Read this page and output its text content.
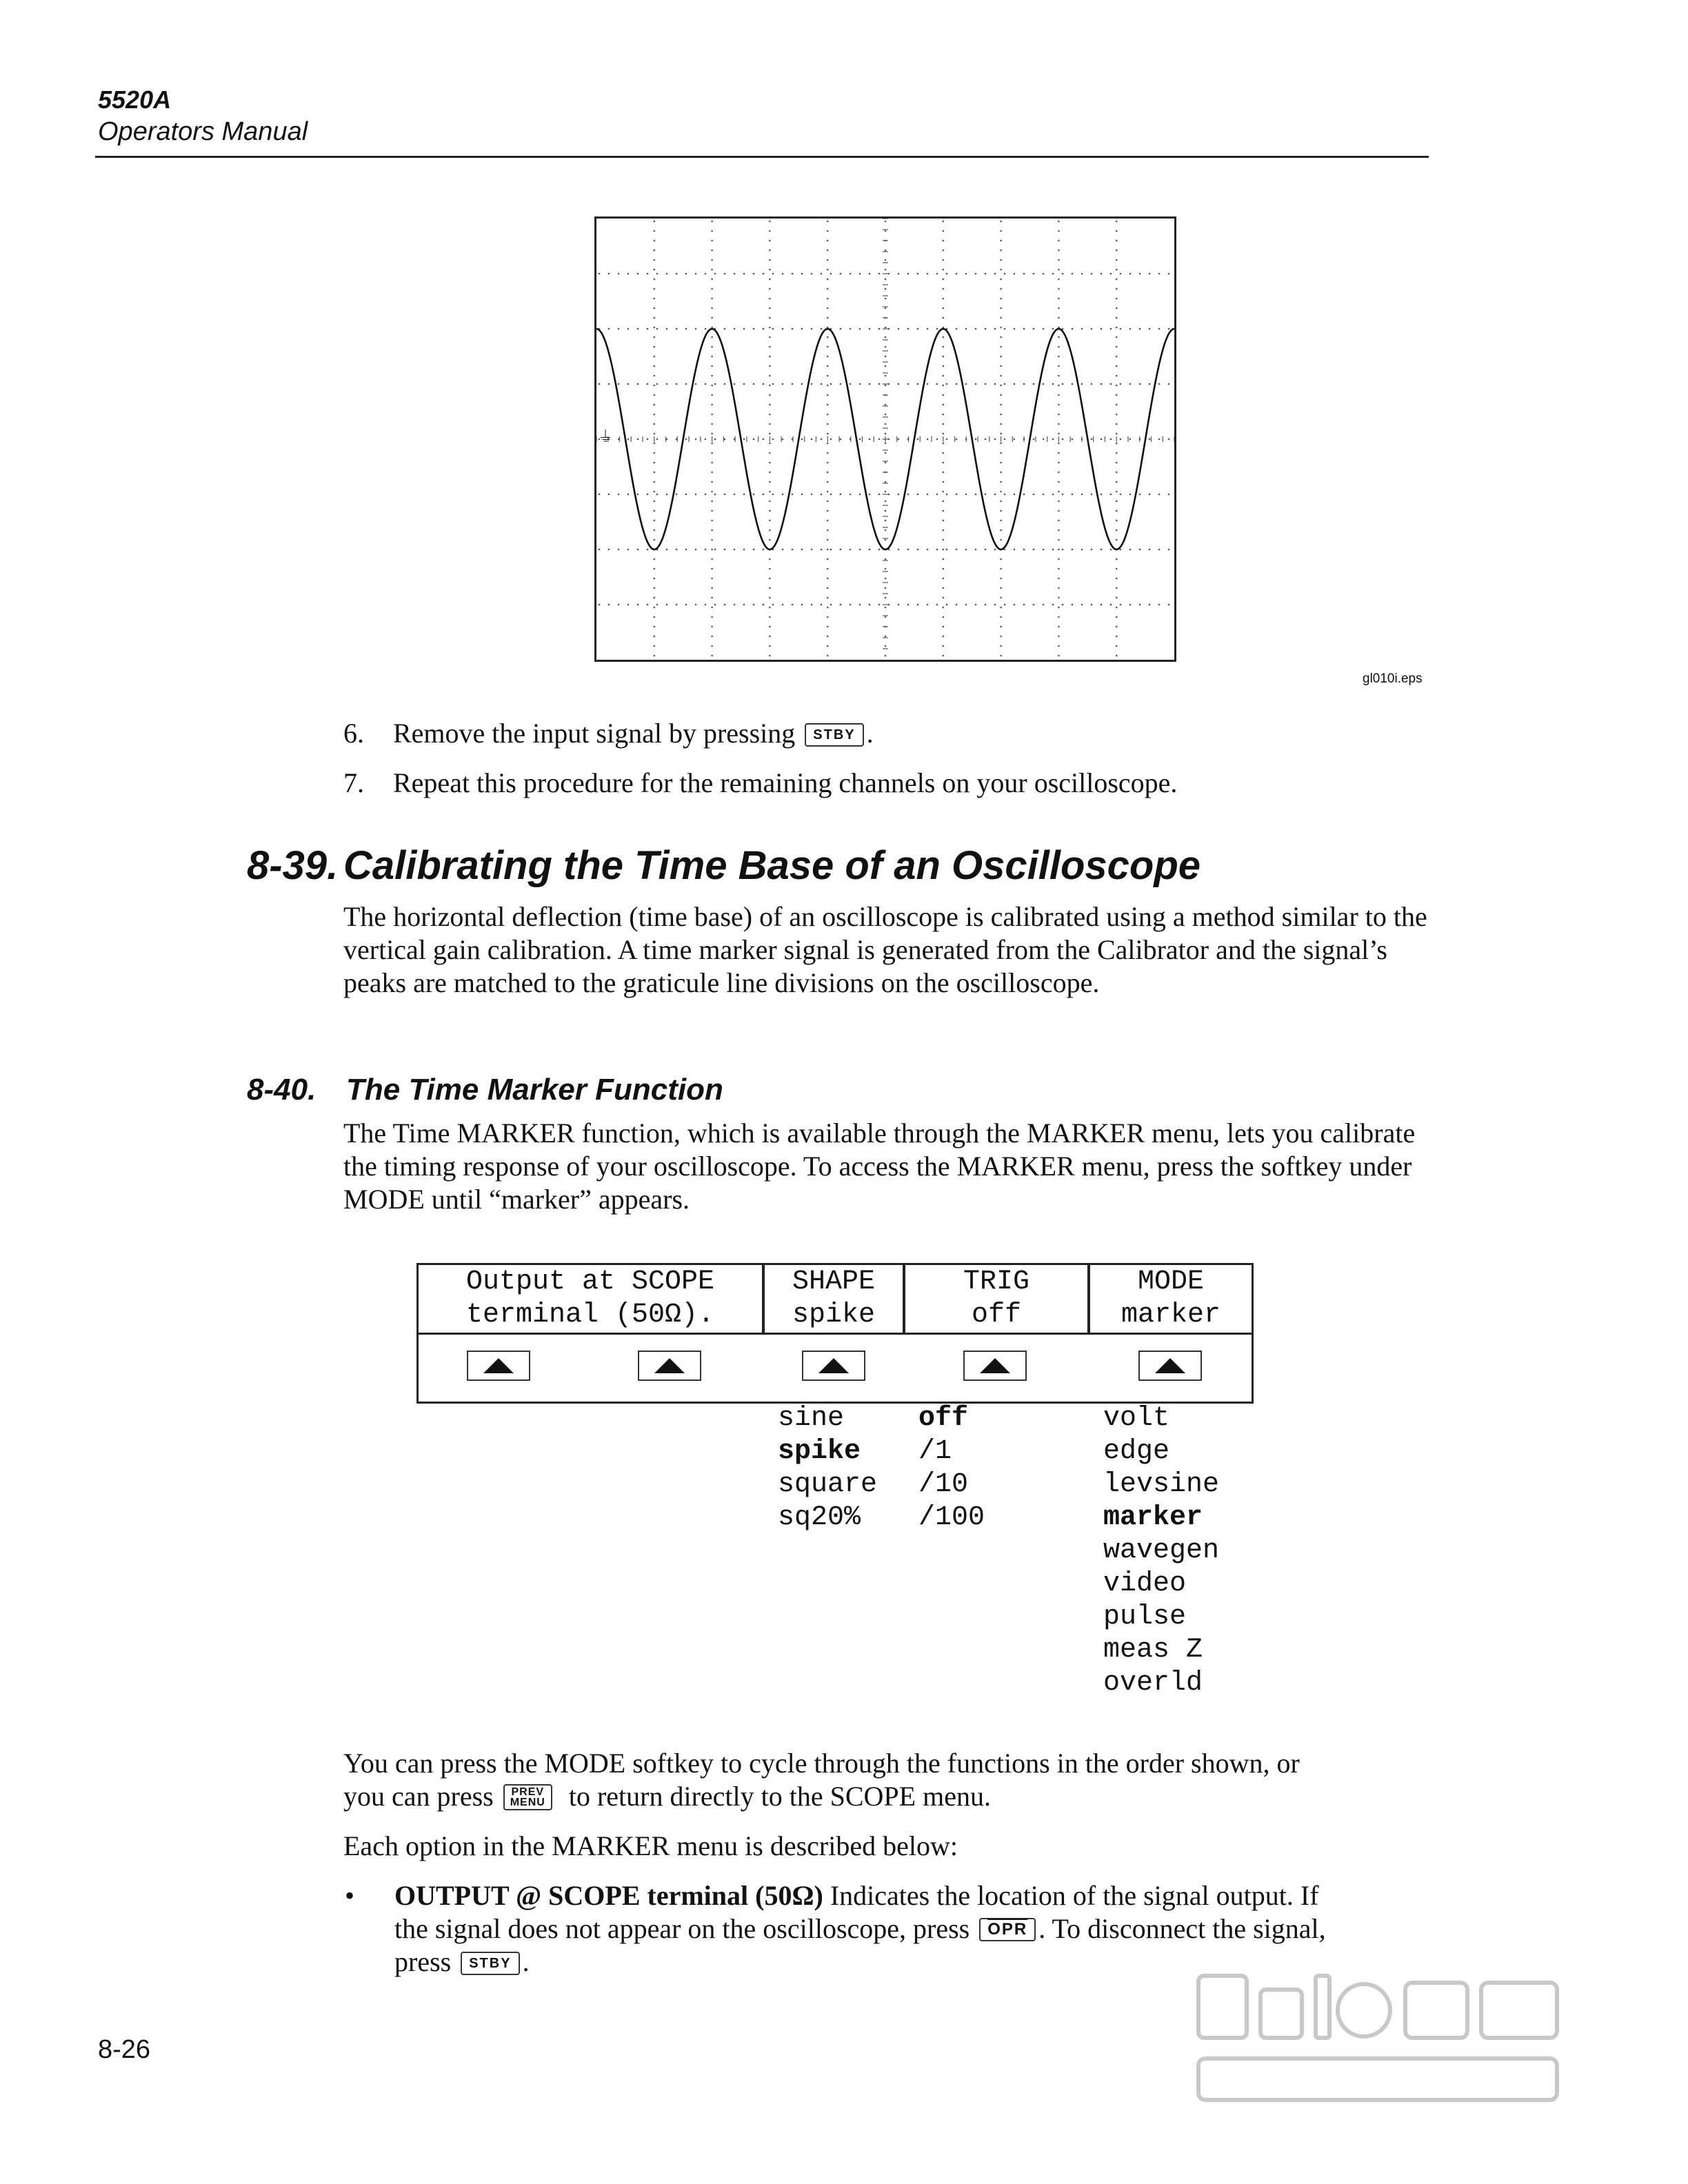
5520A
Operators Manual
⏚
gl010i.eps
6. Remove the input signal by pressing STBY .
7. Repeat this procedure for the remaining channels on your oscilloscope.
8-39. Calibrating the Time Base of an Oscilloscope
The horizontal deflection (time base) of an oscilloscope is calibrated using a method similar to the vertical gain calibration. A time marker signal is generated from the Calibrator and the signal’s peaks are matched to the graticule line divisions on the oscilloscope.
8-40. The Time Marker Function
The Time MARKER function, which is available through the MARKER menu, lets you calibrate the timing response of your oscilloscope. To access the MARKER menu, press the softkey under MODE until “marker” appears.
Output at SCOPE
terminal (50Ω).
SHAPE
spike
TRIG
off
MODE
marker
sine
spike
square
sq20%
off
/1
/10
/100
volt
edge
levsine
marker
wavegen
video
pulse
meas Z
overld
You can press the MODE softkey to cycle through the functions in the order shown, or
you can press PREV
MENU to return directly to the SCOPE menu.
Each option in the MARKER menu is described below:
• OUTPUT @ SCOPE terminal (50Ω) Indicates the location of the signal output. If
the signal does not appear on the oscilloscope, press $\overline{OPR}$ . To disconnect the signal,
press STBY .
8-26
